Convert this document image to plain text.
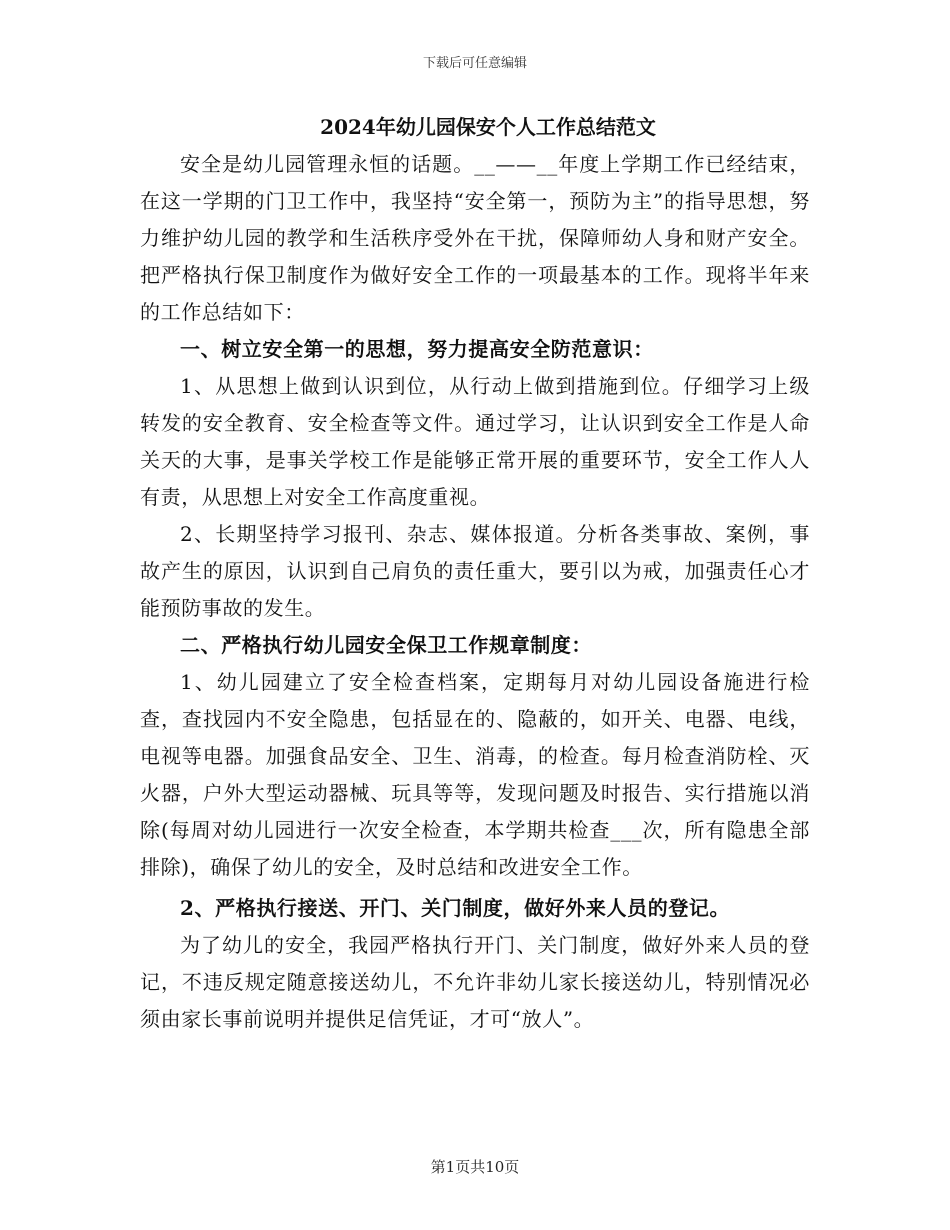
下载后可任意编辑
2024年幼儿园保安个人工作总结范文

安全是幼儿园管理永恒的话题。__——__年度上学期工作已经结束，在这一学期的门卫工作中，我坚持“安全第一，预防为主”的指导思想，努力维护幼儿园的教学和生活秩序受外在干扰，保障师幼人身和财产安全。把严格执行保卫制度作为做好安全工作的一项最基本的工作。现将半年来的工作总结如下：

一、树立安全第一的思想，努力提高安全防范意识：

1、从思想上做到认识到位，从行动上做到措施到位。仔细学习上级转发的安全教育、安全检查等文件。通过学习，让认识到安全工作是人命关天的大事，是事关学校工作是能够正常开展的重要环节，安全工作人人有责，从思想上对安全工作高度重视。

2、长期坚持学习报刊、杂志、媒体报道。分析各类事故、案例，事故产生的原因，认识到自己肩负的责任重大，要引以为戒，加强责任心才能预防事故的发生。

二、严格执行幼儿园安全保卫工作规章制度：

1、幼儿园建立了安全检查档案，定期每月对幼儿园设备施进行检查，查找园内不安全隐患，包括显在的、隐蔽的，如开关、电器、电线，电视等电器。加强食品安全、卫生、消毒，的检查。每月检查消防栓、灭火器，户外大型运动器械、玩具等等，发现问题及时报告、实行措施以消除(每周对幼儿园进行一次安全检查，本学期共检查___次，所有隐患全部排除)，确保了幼儿的安全，及时总结和改进安全工作。

2、严格执行接送、开门、关门制度，做好外来人员的登记。

为了幼儿的安全，我园严格执行开门、关门制度，做好外来人员的登记，不违反规定随意接送幼儿，不允许非幼儿家长接送幼儿，特别情况必须由家长事前说明并提供足信凭证，才可“放人”。

第1页共10页
